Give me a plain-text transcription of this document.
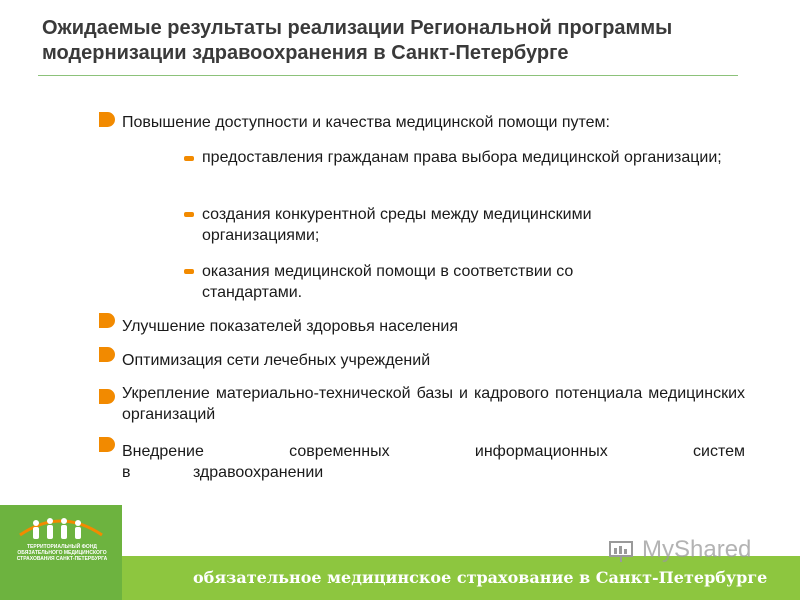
Ожидаемые результаты реализации Региональной программы модернизации здравоохранения в Санкт-Петербурге
Повышение доступности и качества медицинской помощи путем:
предоставления гражданам права выбора медицинской организации;
создания конкурентной среды между медицинскими организациями;
оказания медицинской помощи в соответствии со стандартами.
Улучшение показателей здоровья населения
Оптимизация сети лечебных учреждений
Укрепление материально-технической базы и кадрового потенциала медицинских организаций
Внедрение современных информационных систем в здравоохранении
обязательное медицинское страхование в Санкт-Петербурге
ТЕРРИТОРИАЛЬНЫЙ ФОНД ОБЯЗАТЕЛЬНОГО МЕДИЦИНСКОГО СТРАХОВАНИЯ САНКТ-ПЕТЕРБУРГА	MyShared
